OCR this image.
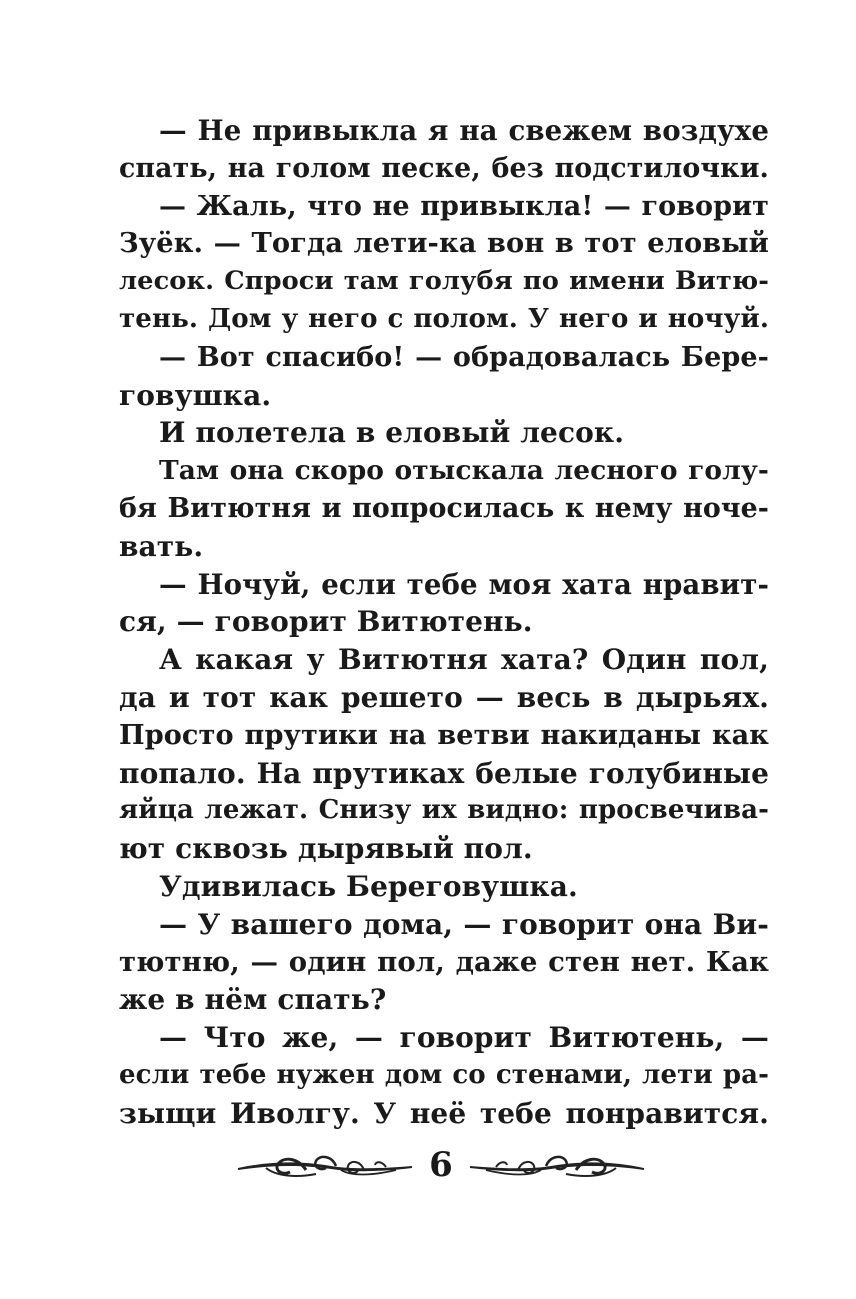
— Не привыкла я на свежем воздухе
спать, на голом песке, без подстилочки.
— Жаль, что не привыкла! — говорит
Зуёк. — Тогда лети-ка вон в тот еловый
лесок. Спроси там голубя по имени Витю-
тень. Дом у него с полом. У него и ночуй.
— Вот спасибо! — обрадовалась Бере-
говушка.
И полетела в еловый лесок.
Там она скоро отыскала лесного голу-
бя Витютня и попросилась к нему ноче-
вать.
— Ночуй, если тебе моя хата нравит-
ся, — говорит Витютень.
А какая у Витютня хата? Один пол,
да и тот как решето — весь в дырьях.
Просто прутики на ветви накиданы как
попало. На прутиках белые голубиные
яйца лежат. Снизу их видно: просвечива-
ют сквозь дырявый пол.
Удивилась Береговушка.
— У вашего дома, — говорит она Ви-
тютню, — один пол, даже стен нет. Как
же в нём спать?
— Что же, — говорит Витютень, —
если тебе нужен дом со стенами, лети ра-
зыщи Иволгу. У неё тебе понравится.
6
